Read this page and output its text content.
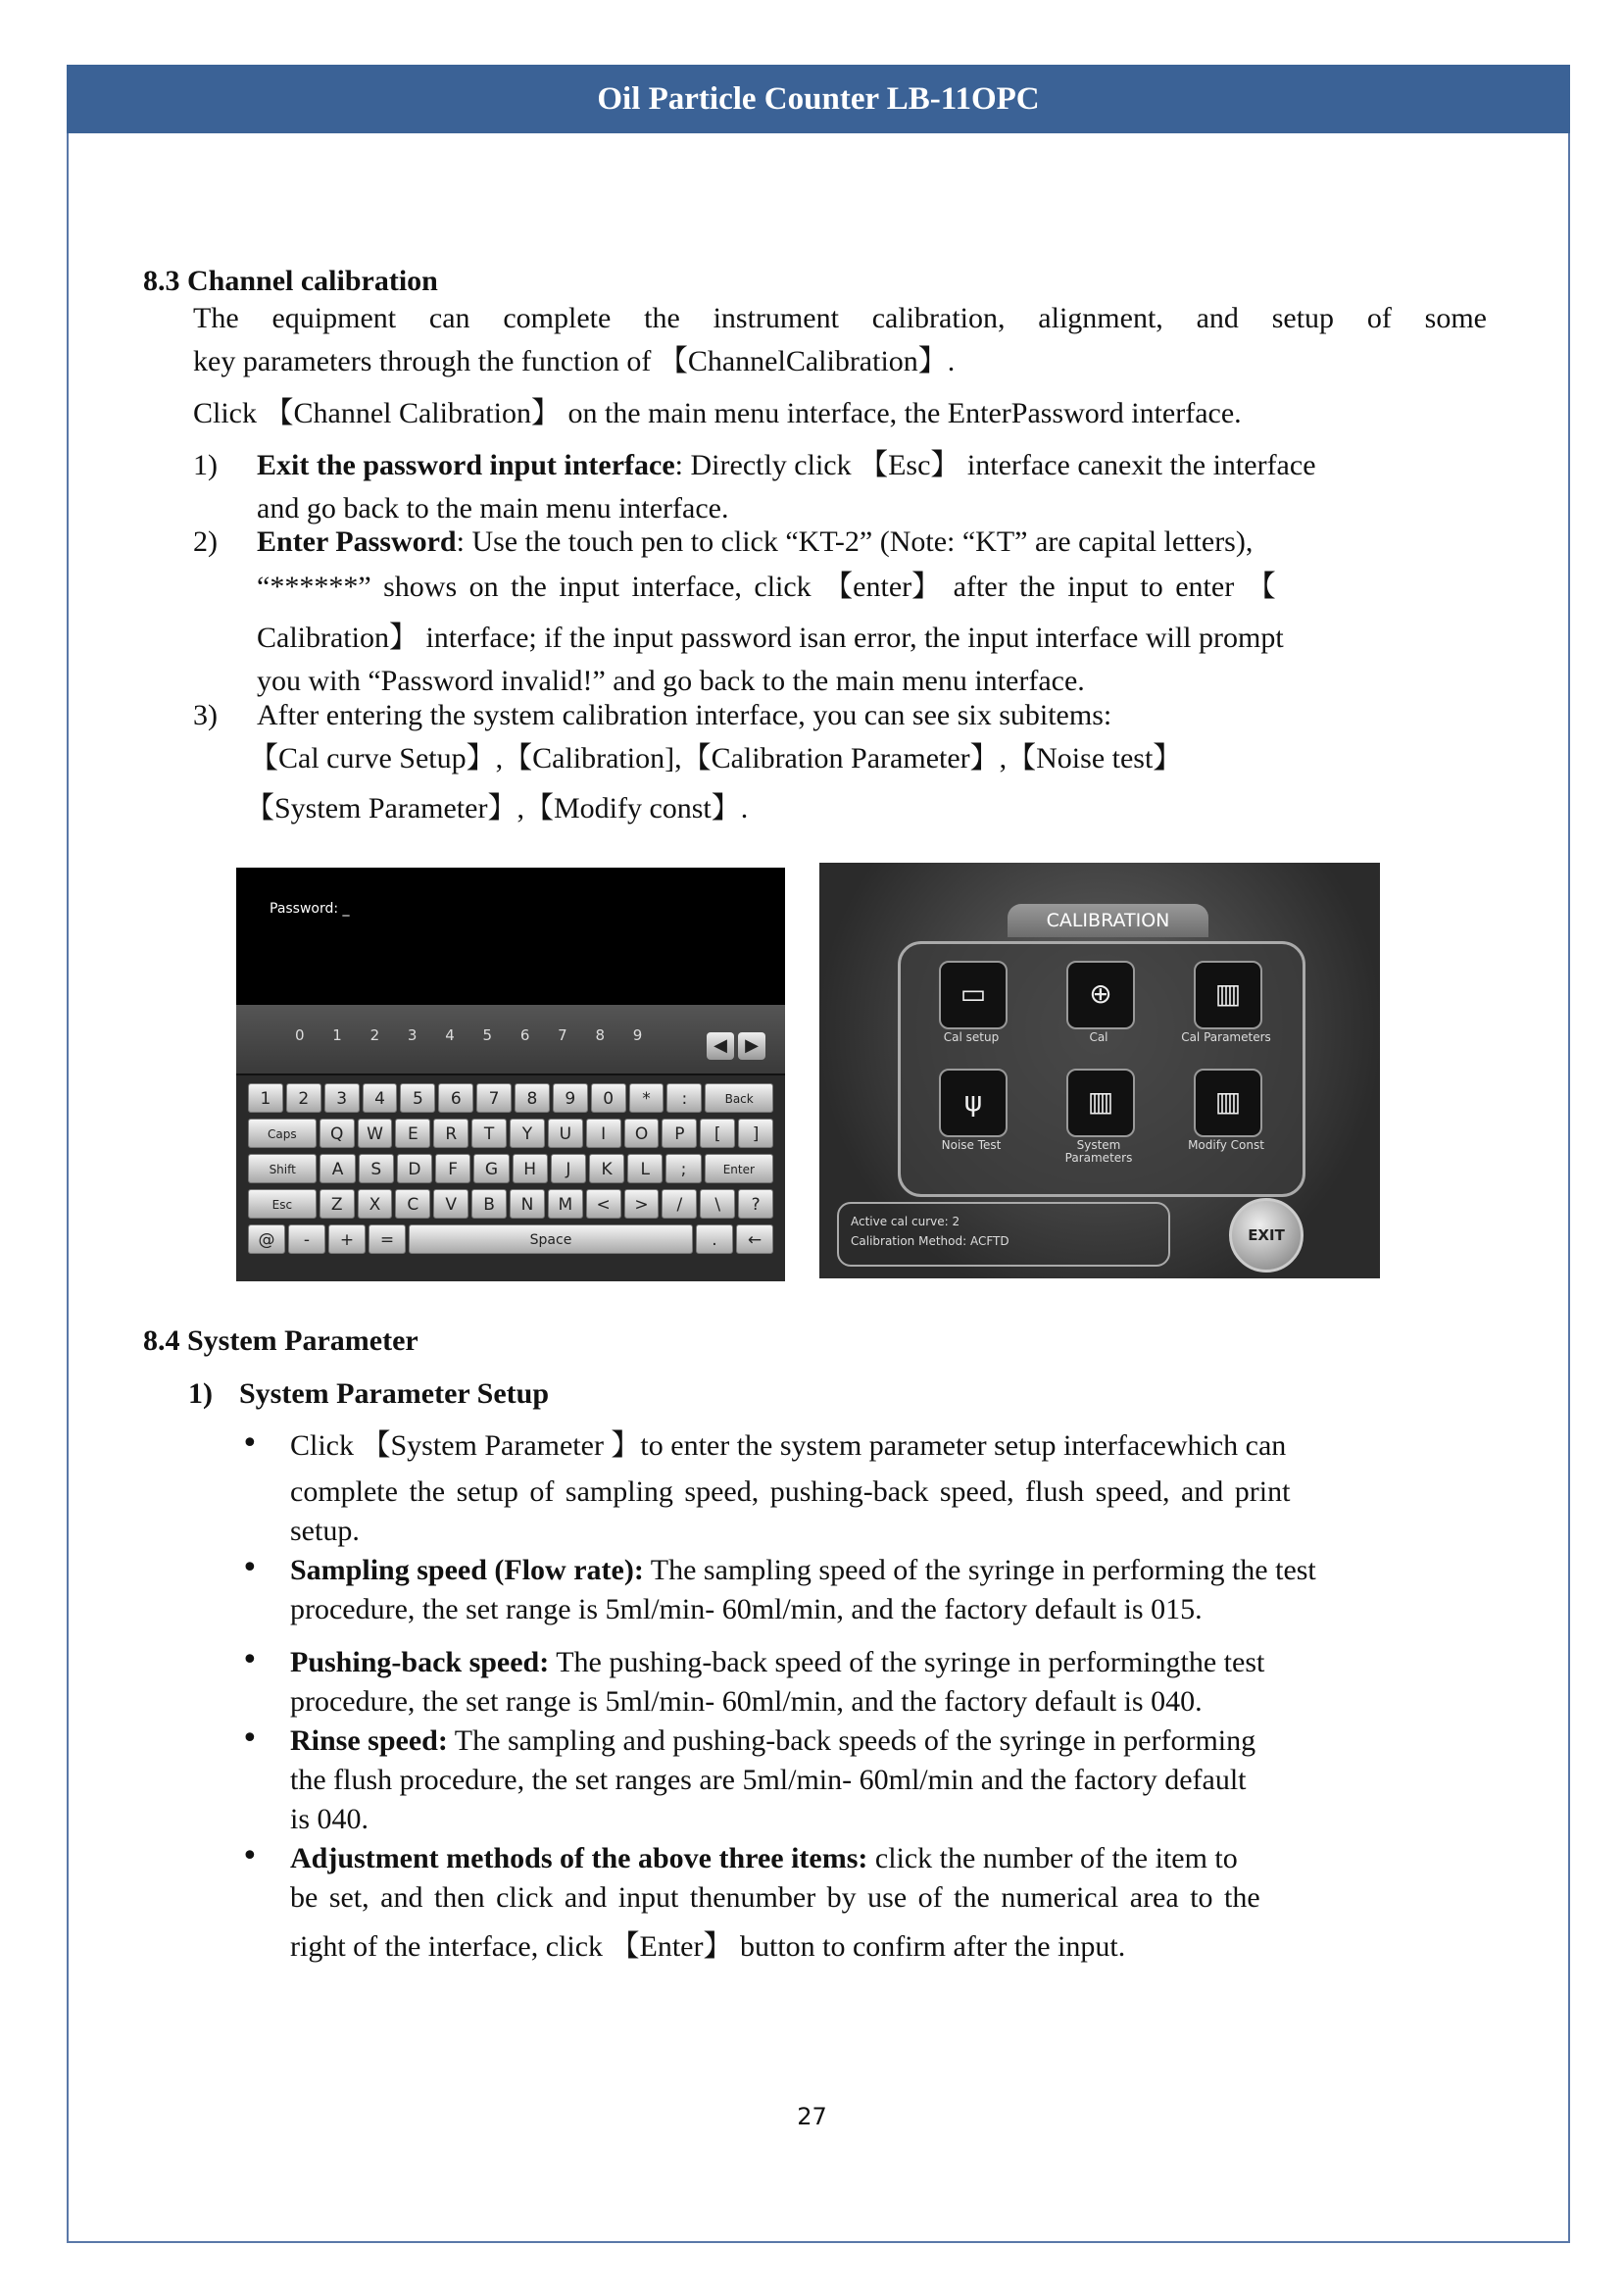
Oil Particle Counter LB-11OPC
8.3 Channel calibration
The equipment can complete the instrument calibration, alignment, and setup of some
key parameters through the function of 【ChannelCalibration】.
Click 【Channel Calibration】 on the main menu interface, the EnterPassword interface.
1) Exit the password input interface: Directly click 【Esc】 interface canexit the interface
and go back to the main menu interface.
2) Enter Password: Use the touch pen to click “KT-2” (Note: “KT” are capital letters),
“******” shows on the input interface, click 【enter】 after the input to enter 【
Calibration】 interface; if the input password isan error, the input interface will prompt
you with “Password invalid!” and go back to the main menu interface.
3) After entering the system calibration interface, you can see six subitems:
【Cal curve Setup】,【Calibration],【Calibration Parameter】,【Noise test】
【System Parameter】,【Modify const】.
Password: _
0 1 2 3 4 5 6 7 8 9	◀ ▶
1	2	3	4	5	6	7	8	9	0	*	:	Back
Caps	Q	W	E	R	T	Y	U	I	O	P	[	]
Shift	A	S	D	F	G	H	J	K	L	;	Enter
Esc	Z	X	C	V	B	N	M	<	>	/	\	?
@	-	+	=	Space	.	←
CALIBRATION
▭
Cal setup
⊕
Cal
▥
Cal Parameters
ψ
Noise Test
▥
System Parameters
▥
Modify Const
Active cal curve: 2
Calibration Method: ACFTD	EXIT
8.4 System Parameter
1) System Parameter Setup
• Click 【System Parameter 】to enter the system parameter setup interfacewhich can
complete the setup of sampling speed, pushing-back speed, flush speed, and print
setup.
• Sampling speed (Flow rate): The sampling speed of the syringe in performing the test
procedure, the set range is 5ml/min- 60ml/min, and the factory default is 015.
• Pushing-back speed: The pushing-back speed of the syringe in performingthe test
procedure, the set range is 5ml/min- 60ml/min, and the factory default is 040.
• Rinse speed: The sampling and pushing-back speeds of the syringe in performing
the flush procedure, the set ranges are 5ml/min- 60ml/min and the factory default
is 040.
• Adjustment methods of the above three items: click the number of the item to
be set, and then click and input thenumber by use of the numerical area to the
right of the interface, click 【Enter】 button to confirm after the input.
27
